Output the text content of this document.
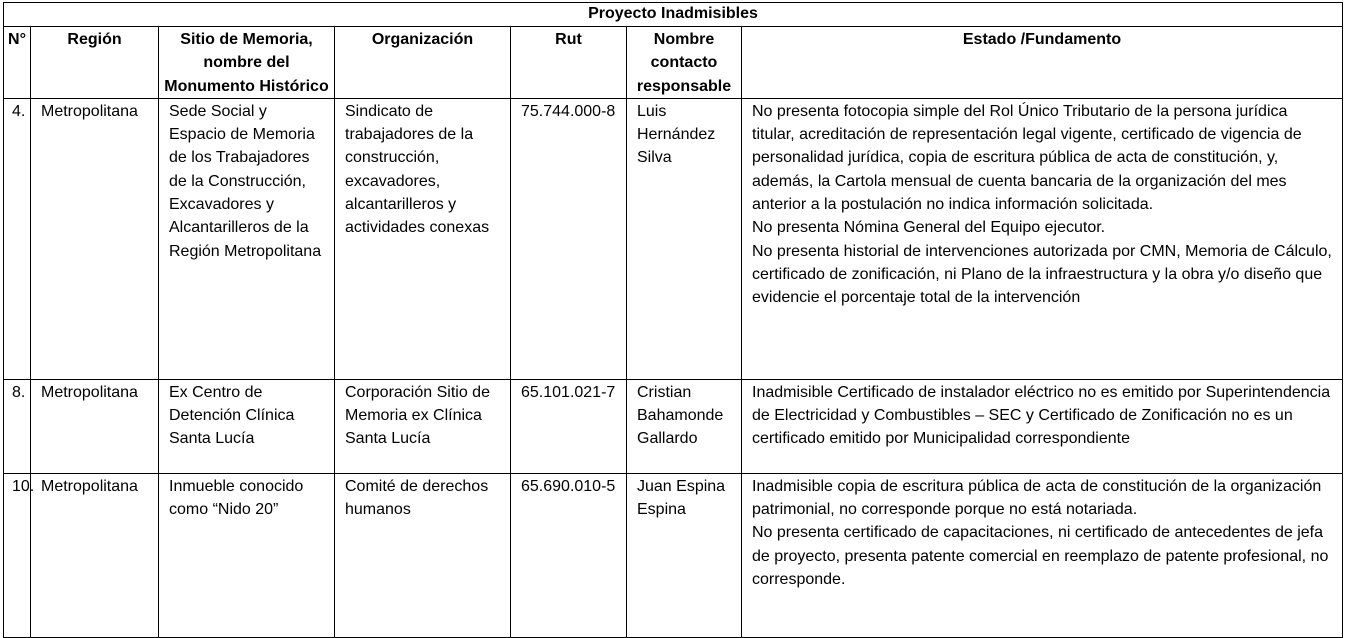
Proyecto Inadmisibles						
N°	Región	Sitio de Memoria, nombre del Monumento Histórico	Organización	Rut	Nombre contacto responsable	Estado /Fundamento
4.	Metropolitana	Sede Social y Espacio de Memoria de los Trabajadores de la Construcción, Excavadores y Alcantarilleros de la Región Metropolitana	Sindicato de trabajadores de la construcción, excavadores, alcantarilleros y actividades conexas	75.744.000-8	Luis Hernández Silva	No presenta fotocopia simple del Rol Único Tributario de la persona jurídica titular, acreditación de representación legal vigente, certificado de vigencia de personalidad jurídica, copia de escritura pública de acta de constitución, y, además, la Cartola mensual de cuenta bancaria de la organización del mes anterior a la postulación no indica información solicitada.
No presenta Nómina General del Equipo ejecutor.
No presenta historial de intervenciones autorizada por CMN, Memoria de Cálculo, certificado de zonificación, ni Plano de la infraestructura y la obra y/o diseño que evidencie el porcentaje total de la intervención

8.	Metropolitana	Ex Centro de Detención Clínica Santa Lucía	Corporación Sitio de Memoria ex Clínica Santa Lucía	65.101.021-7	Cristian Bahamonde Gallardo	Inadmisible Certificado de instalador eléctrico no es emitido por Superintendencia de Electricidad y Combustibles – SEC y Certificado de Zonificación no es un certificado emitido por Municipalidad correspondiente

10.	Metropolitana	Inmueble conocido como “Nido 20”	Comité de derechos humanos	65.690.010-5	Juan Espina Espina	Inadmisible copia de escritura pública de acta de constitución de la organización patrimonial, no corresponde porque no está notariada.
No presenta certificado de capacitaciones, ni certificado de antecedentes de jefa de proyecto, presenta patente comercial en reemplazo de patente profesional, no corresponde.
